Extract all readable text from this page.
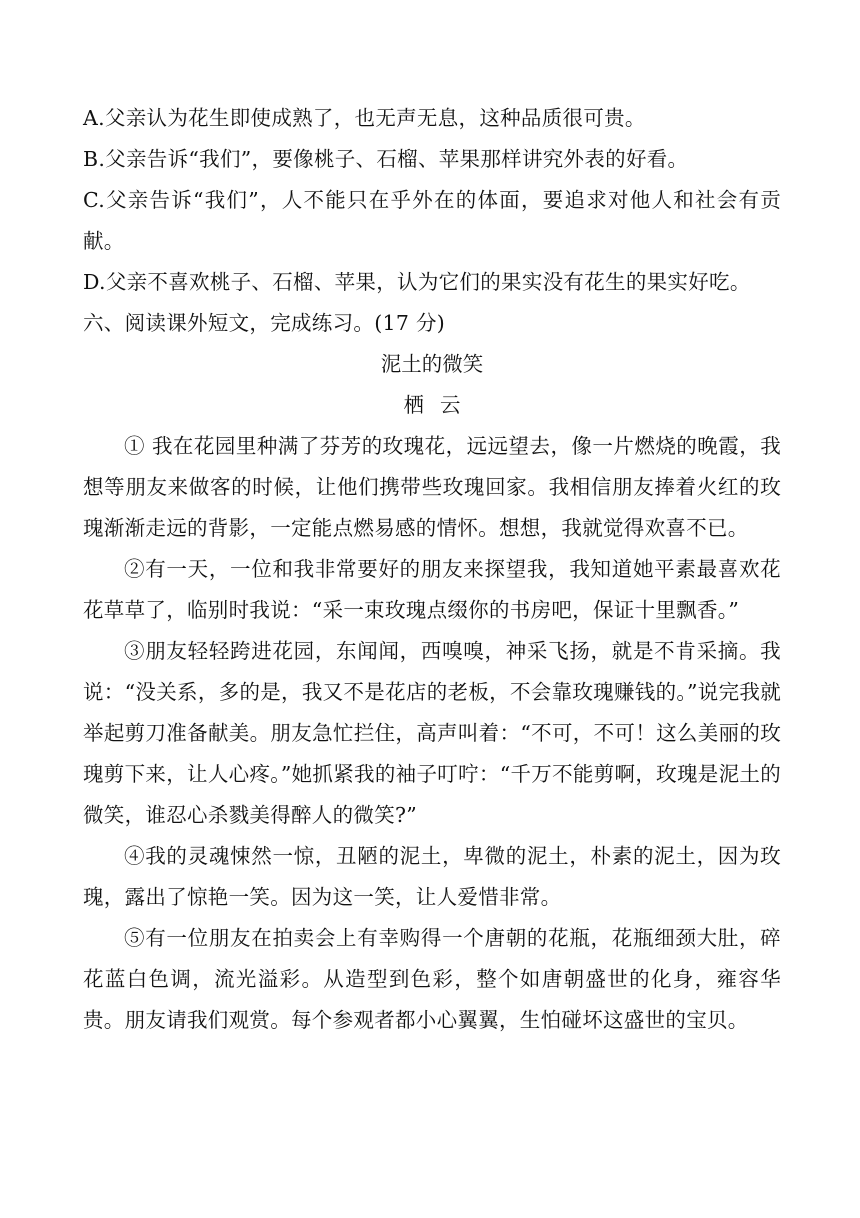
A.父亲认为花生即使成熟了，也无声无息，这种品质很可贵。

B.父亲告诉“我们”，要像桃子、石榴、苹果那样讲究外表的好看。

C.父亲告诉“我们”，人不能只在乎外在的体面，要追求对他人和社会有贡献。

D.父亲不喜欢桃子、石榴、苹果，认为它们的果实没有花生的果实好吃。

六、阅读课外短文，完成练习。(17 分)

泥土的微笑

栖云

① 我在花园里种满了芬芳的玫瑰花，远远望去，像一片燃烧的晚霞，我想等朋友来做客的时候，让他们携带些玫瑰回家。我相信朋友捧着火红的玫瑰渐渐走远的背影，一定能点燃易感的情怀。想想，我就觉得欢喜不已。

②有一天，一位和我非常要好的朋友来探望我，我知道她平素最喜欢花花草草了，临别时我说：“采一束玫瑰点缀你的书房吧，保证十里飘香。”

③朋友轻轻跨进花园，东闻闻，西嗅嗅，神采飞扬，就是不肯采摘。我说：“没关系，多的是，我又不是花店的老板，不会靠玫瑰赚钱的。”说完我就举起剪刀准备献美。朋友急忙拦住，高声叫着：“不可，不可！这么美丽的玫瑰剪下来，让人心疼。”她抓紧我的袖子叮咛：“千万不能剪啊，玫瑰是泥土的微笑，谁忍心杀戮美得醉人的微笑?”

④我的灵魂悚然一惊，丑陋的泥土，卑微的泥土，朴素的泥土，因为玫瑰，露出了惊艳一笑。因为这一笑，让人爱惜非常。

⑤有一位朋友在拍卖会上有幸购得一个唐朝的花瓶，花瓶细颈大肚，碎花蓝白色调，流光溢彩。从造型到色彩，整个如唐朝盛世的化身，雍容华贵。朋友请我们观赏。每个参观者都小心翼翼，生怕碰坏这盛世的宝贝。
